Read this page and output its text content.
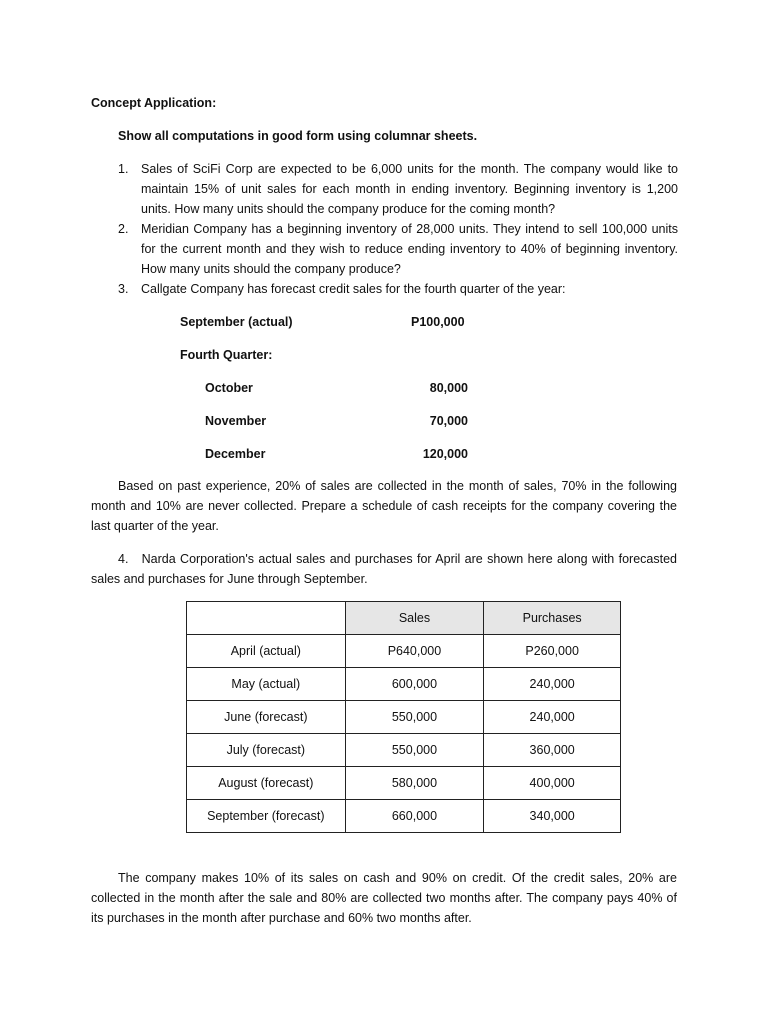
Concept Application:
Show all computations in good form using columnar sheets.
1. Sales of SciFi Corp are expected to be 6,000 units for the month. The company would like to maintain 15% of unit sales for each month in ending inventory. Beginning inventory is 1,200 units. How many units should the company produce for the coming month?
2. Meridian Company has a beginning inventory of 28,000 units. They intend to sell 100,000 units for the current month and they wish to reduce ending inventory to 40% of beginning inventory. How many units should the company produce?
3. Callgate Company has forecast credit sales for the fourth quarter of the year:
September (actual)	P100,000
Fourth Quarter:
October	80,000
November	70,000
December	120,000
Based on past experience, 20% of sales are collected in the month of sales, 70% in the following month and 10% are never collected. Prepare a schedule of cash receipts for the company covering the last quarter of the year.
4. Narda Corporation's actual sales and purchases for April are shown here along with forecasted sales and purchases for June through September.
	Sales	Purchases
April (actual)	P640,000	P260,000
May (actual)	600,000	240,000
June (forecast)	550,000	240,000
July (forecast)	550,000	360,000
August (forecast)	580,000	400,000
September (forecast)	660,000	340,000
The company makes 10% of its sales on cash and 90% on credit. Of the credit sales, 20% are collected in the month after the sale and 80% are collected two months after. The company pays 40% of its purchases in the month after purchase and 60% two months after.
